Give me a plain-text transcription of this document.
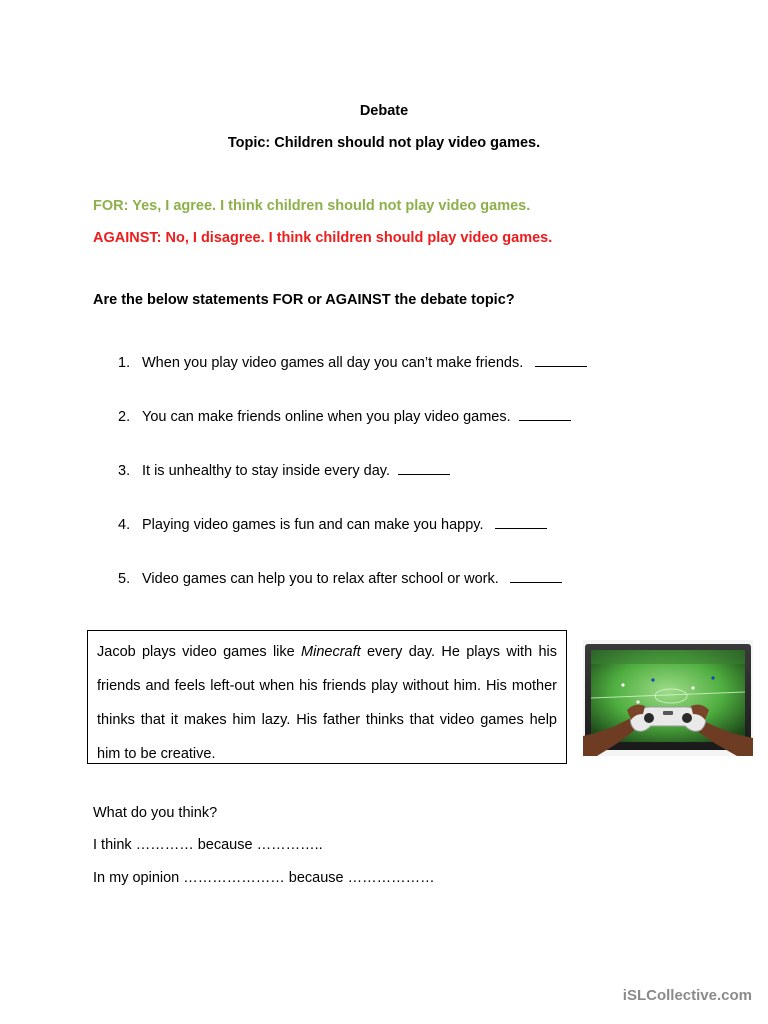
Debate
Topic: Children should not play video games.
FOR: Yes, I agree. I think children should not play video games.
AGAINST: No, I disagree. I think children should play video games.
Are the below statements FOR or AGAINST the debate topic?
1. When you play video games all day you can’t make friends.
2. You can make friends online when you play video games.
3. It is unhealthy to stay inside every day.
4. Playing video games is fun and can make you happy.
5. Video games can help you to relax after school or work.
Jacob plays video games like Minecraft every day. He plays with his friends and feels left-out when his friends play without him. His mother thinks that it makes him lazy. His father thinks that video games help him to be creative.
What do you think?
I think ………… because …………..
In my opinion ………………… because ………………
iSLCollective.com
